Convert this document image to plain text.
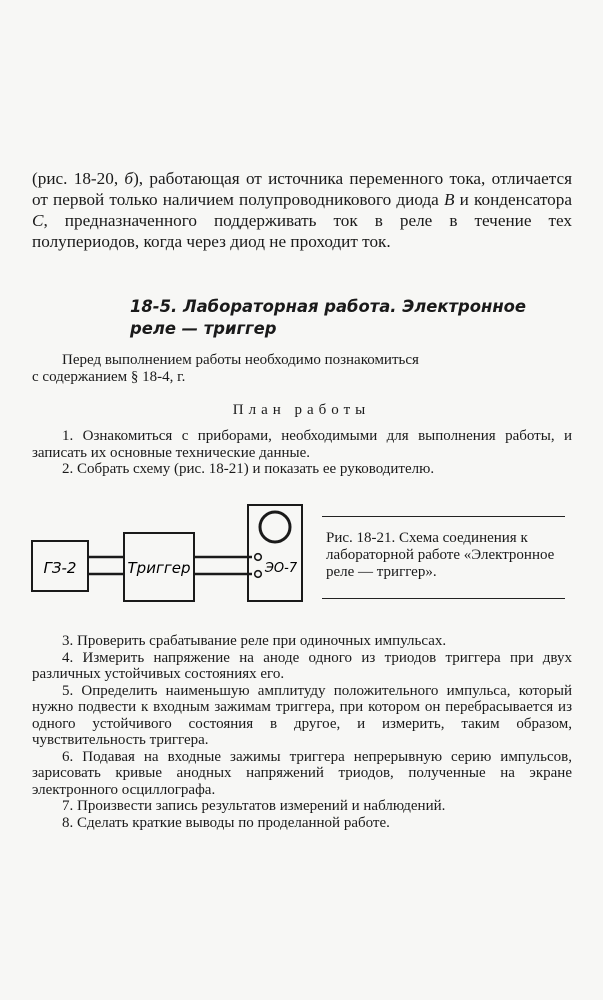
(рис. 18-20, б), работающая от источника переменного тока, отличается от первой только наличием полупроводникового диода В и конденсатора С, предназначенного поддерживать ток в реле в течение тех полупериодов, когда через диод не проходит ток.

18-5. Лабораторная работа. Электронное
реле — триггер
Перед выполнением работы необходимо познакомиться
с содержанием § 18-4, г.

План работы

1. Ознакомиться с приборами, необходимыми для выполнения работы, и записать их основные технические данные.
2. Собрать схему (рис. 18-21) и показать ее руководителю.
ГЗ-2	Триггер	ЭО-7

Рис. 18-21. Схема соединения к лабораторной работе «Электронное реле — триггер».

3. Проверить срабатывание реле при одиночных импульсах.
4. Измерить напряжение на аноде одного из триодов триггера при двух различных устойчивых состояниях его.
5. Определить наименьшую амплитуду положительного импульса, который нужно подвести к входным зажимам триггера, при котором он перебрасывается из одного устойчивого состояния в другое, и измерить, таким образом, чувствительность триггера.
6. Подавая на входные зажимы триггера непрерывную серию импульсов, зарисовать кривые анодных напряжений триодов, полученные на экране электронного осциллографа.
7. Произвести запись результатов измерений и наблюдений.
8. Сделать краткие выводы по проделанной работе.
